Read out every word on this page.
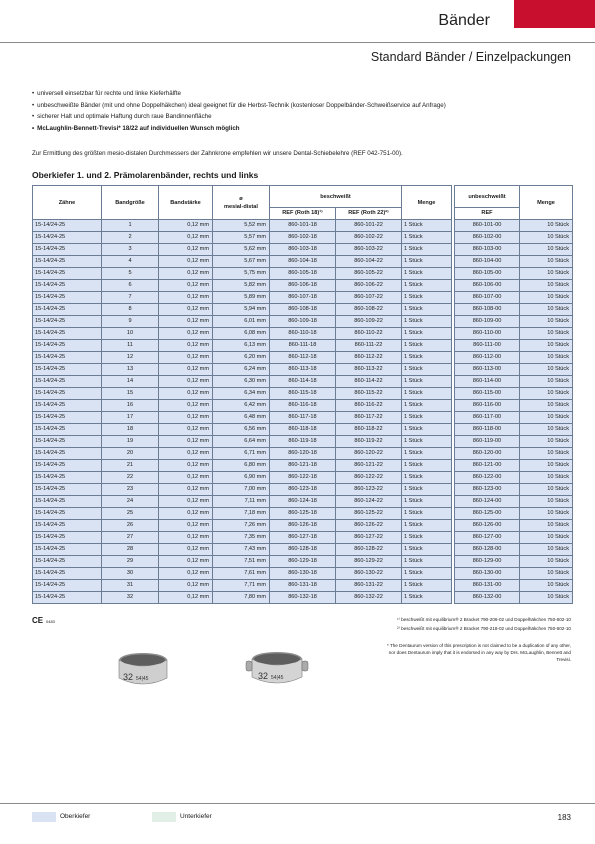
Bänder
Standard Bänder / Einzelpackungen
• universell einsetzbar für rechte und linke Kieferhälfte
• unbeschweißte Bänder (mit und ohne Doppelhäkchen) ideal geeignet für die Herbst-Technik (kostenloser Doppelbänder-Schweißservice auf Anfrage)
• sicherer Halt und optimale Haftung durch raue Bandinnenfläche
• McLaughlin-Bennett-Trevisi* 18/22 auf individuellen Wunsch möglich
Zur Ermittlung des größten mesio-distalen Durchmessers der Zahnkrone empfehlen wir unsere Dental-Schiebelehre (REF 042-751-00).
Oberkiefer 1. und 2. Prämolarenbänder, rechts und links
Zähne	Bandgröße	Bandstärke	ø
mesial-distal	beschweißt		Menge		unbeschweißt	Menge
				REF (Roth 18)¹⁾	REF (Roth 22)²⁾			REF	
15-14/24-25	1	0,12 mm	5,52 mm	860-101-18	860-101-22	1 Stück		860-101-00	10 Stück
15-14/24-25	2	0,12 mm	5,57 mm	860-102-18	860-102-22	1 Stück		860-102-00	10 Stück
15-14/24-25	3	0,12 mm	5,62 mm	860-103-18	860-103-22	1 Stück		860-103-00	10 Stück
15-14/24-25	4	0,12 mm	5,67 mm	860-104-18	860-104-22	1 Stück		860-104-00	10 Stück
15-14/24-25	5	0,12 mm	5,75 mm	860-105-18	860-105-22	1 Stück		860-105-00	10 Stück
15-14/24-25	6	0,12 mm	5,82 mm	860-106-18	860-106-22	1 Stück		860-106-00	10 Stück
15-14/24-25	7	0,12 mm	5,89 mm	860-107-18	860-107-22	1 Stück		860-107-00	10 Stück
15-14/24-25	8	0,12 mm	5,94 mm	860-108-18	860-108-22	1 Stück		860-108-00	10 Stück
15-14/24-25	9	0,12 mm	6,01 mm	860-109-18	860-109-22	1 Stück		860-109-00	10 Stück
15-14/24-25	10	0,12 mm	6,08 mm	860-110-18	860-110-22	1 Stück		860-110-00	10 Stück
15-14/24-25	11	0,12 mm	6,13 mm	860-111-18	860-111-22	1 Stück		860-111-00	10 Stück
15-14/24-25	12	0,12 mm	6,20 mm	860-112-18	860-112-22	1 Stück		860-112-00	10 Stück
15-14/24-25	13	0,12 mm	6,24 mm	860-113-18	860-113-22	1 Stück		860-113-00	10 Stück
15-14/24-25	14	0,12 mm	6,30 mm	860-114-18	860-114-22	1 Stück		860-114-00	10 Stück
15-14/24-25	15	0,12 mm	6,34 mm	860-115-18	860-115-22	1 Stück		860-115-00	10 Stück
15-14/24-25	16	0,12 mm	6,42 mm	860-116-18	860-116-22	1 Stück		860-116-00	10 Stück
15-14/24-25	17	0,12 mm	6,48 mm	860-117-18	860-117-22	1 Stück		860-117-00	10 Stück
15-14/24-25	18	0,12 mm	6,56 mm	860-118-18	860-118-22	1 Stück		860-118-00	10 Stück
15-14/24-25	19	0,12 mm	6,64 mm	860-119-18	860-119-22	1 Stück		860-119-00	10 Stück
15-14/24-25	20	0,12 mm	6,71 mm	860-120-18	860-120-22	1 Stück		860-120-00	10 Stück
15-14/24-25	21	0,12 mm	6,80 mm	860-121-18	860-121-22	1 Stück		860-121-00	10 Stück
15-14/24-25	22	0,12 mm	6,90 mm	860-122-18	860-122-22	1 Stück		860-122-00	10 Stück
15-14/24-25	23	0,12 mm	7,00 mm	860-123-18	860-123-22	1 Stück		860-123-00	10 Stück
15-14/24-25	24	0,12 mm	7,11 mm	860-124-18	860-124-22	1 Stück		860-124-00	10 Stück
15-14/24-25	25	0,12 mm	7,18 mm	860-125-18	860-125-22	1 Stück		860-125-00	10 Stück
15-14/24-25	26	0,12 mm	7,26 mm	860-126-18	860-126-22	1 Stück		860-126-00	10 Stück
15-14/24-25	27	0,12 mm	7,35 mm	860-127-18	860-127-22	1 Stück		860-127-00	10 Stück
15-14/24-25	28	0,12 mm	7,43 mm	860-128-18	860-128-22	1 Stück		860-128-00	10 Stück
15-14/24-25	29	0,12 mm	7,51 mm	860-129-18	860-129-22	1 Stück		860-129-00	10 Stück
15-14/24-25	30	0,12 mm	7,61 mm	860-130-18	860-130-22	1 Stück		860-130-00	10 Stück
15-14/24-25	31	0,12 mm	7,71 mm	860-131-18	860-131-22	1 Stück		860-131-00	10 Stück
15-14/24-25	32	0,12 mm	7,80 mm	860-132-18	860-132-22	1 Stück		860-132-00	10 Stück
CE 0483	¹⁾ beschweißt mit equilibrium® 2 Bracket 790-206-02 und Doppelhäkchen 750-602-10
²⁾ beschweißt mit equilibrium® 2 Bracket 790-218-02 und Doppelhäkchen 750-602-10
32 54|45	32 54|45
* The Dentaurum version of this prescription is not claimed to be a duplication of any other, nor does Dentaurum imply that it is endorsed in any way by Drs. McLaughlin, Bennett and Trevisi.
Oberkiefer	Unterkiefer	183
